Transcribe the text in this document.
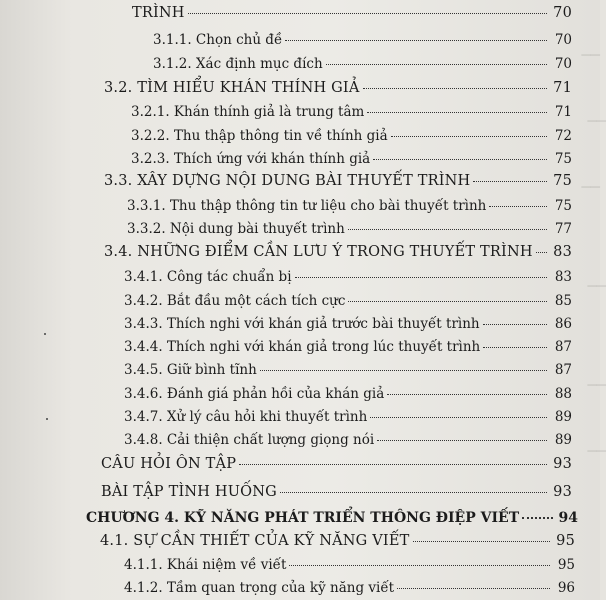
▁▁

▁▁

▁▁

▁▁

▁▁

▁▁

TRÌNH	70
3.1.1. Chọn chủ đề	70
3.1.2. Xác định mục đích	70
3.2. TÌM HIỂU KHÁN THÍNH GIẢ	71
3.2.1. Khán thính giả là trung tâm	71
3.2.2. Thu thập thông tin về thính giả	72
3.2.3. Thích ứng với khán thính giả	75
3.3. XÂY DỰNG NỘI DUNG BÀI THUYẾT TRÌNH	75
3.3.1. Thu thập thông tin tư liệu cho bài thuyết trình	75
3.3.2. Nội dung bài thuyết trình	77
3.4. NHỮNG ĐIỂM CẦN LƯU Ý TRONG THUYẾT TRÌNH 83
3.4.1. Công tác chuẩn bị	83
3.4.2. Bắt đầu một cách tích cực	85
3.4.3. Thích nghi với khán giả trước bài thuyết trình	86
3.4.4. Thích nghi với khán giả trong lúc thuyết trình	87
3.4.5. Giữ bình tĩnh	87
3.4.6. Đánh giá phản hồi của khán giả	88
3.4.7. Xử lý câu hỏi khi thuyết trình	89
3.4.8. Cải thiện chất lượng giọng nói	89
CÂU HỎI ÔN TẬP	93
BÀI TẬP TÌNH HUỐNG	93
CHƯƠNG 4. KỸ NĂNG PHÁT TRIỂN THÔNG ĐIỆP VIẾT	94
4.1. SỰ CẦN THIẾT CỦA KỸ NĂNG VIẾT	95
4.1.1. Khái niệm về viết	95
4.1.2. Tầm quan trọng của kỹ năng viết	96
